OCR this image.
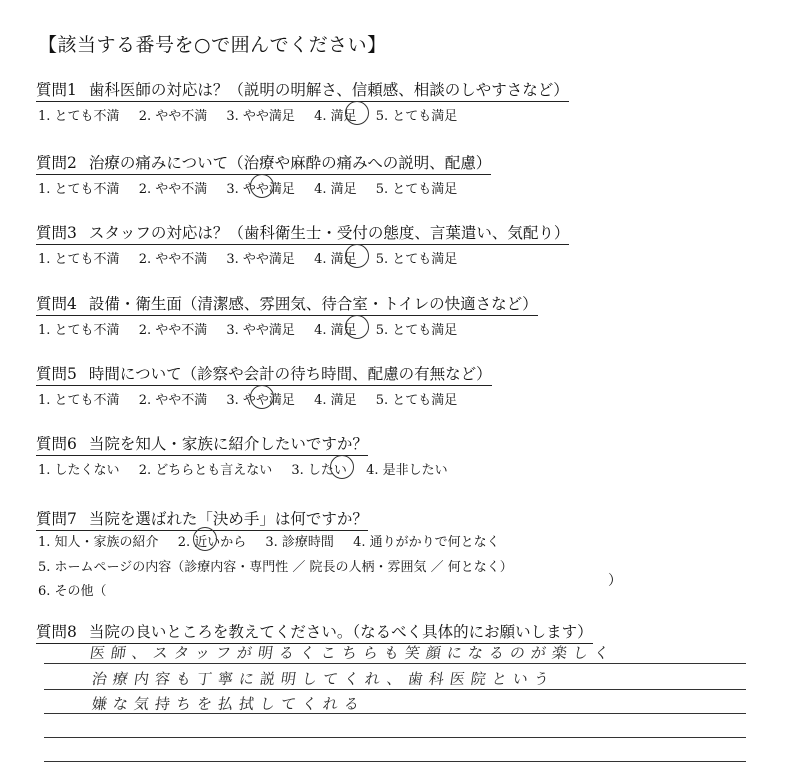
【該当する番号を○で囲んでください】
質問1 歯科医師の対応は？（説明の明解さ、信頼感、相談のしやすさなど）
1. とても不満 2. やや不満 3. やや満足 4. 満足 5. とても満足
質問2 治療の痛みについて（治療や麻酔の痛みへの説明、配慮）
1. とても不満 2. やや不満 3. やや満足 4. 満足 5. とても満足
質問3 スタッフの対応は？（歯科衛生士・受付の態度、言葉遣い、気配り）
1. とても不満 2. やや不満 3. やや満足 4. 満足 5. とても満足
質問4 設備・衛生面（清潔感、雰囲気、待合室・トイレの快適さなど）
1. とても不満 2. やや不満 3. やや満足 4. 満足 5. とても満足
質問5 時間について（診察や会計の待ち時間、配慮の有無など）
1. とても不満 2. やや不満 3. やや満足 4. 満足 5. とても満足
質問6 当院を知人・家族に紹介したいですか？
1. したくない 2. どちらとも言えない 3. したい 4. 是非したい
質問7 当院を選ばれた「決め手」は何ですか？
1. 知人・家族の紹介 2. 近いから 3. 診療時間 4. 通りがかりで何となく
5. ホームページの内容（診療内容・専門性 ／ 院長の人柄・雰囲気 ／ 何となく）
6. その他（
）
質問8 当院の良いところを教えてください。（なるべく具体的にお願いします）
医師、スタッフが明るくこちらも笑顔になるのが楽しく
治療内容も丁寧に説明してくれ、歯科医院という
嫌な気持ちを払拭してくれる
